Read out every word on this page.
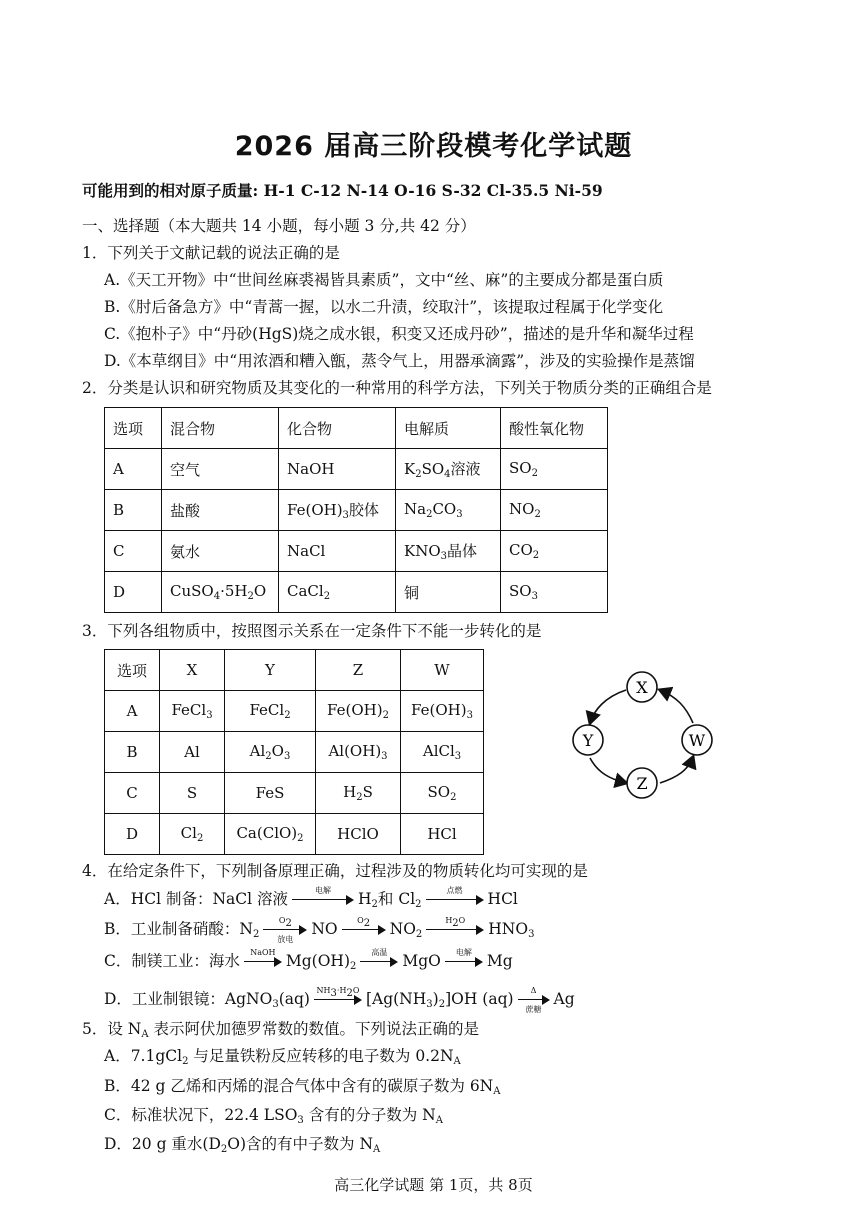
2026 届高三阶段模考化学试题
可能用到的相对原子质量: H-1 C-12 N-14 O-16 S-32 Cl-35.5 Ni-59
一、选择题（本大题共 14 小题，每小题 3 分,共 42 分）
1．下列关于文献记载的说法正确的是
A.《天工开物》中“世间丝麻裘褐皆具素质”，文中“丝、麻”的主要成分都是蛋白质
B.《肘后备急方》中“青蒿一握，以水二升渍，绞取汁”，该提取过程属于化学变化
C.《抱朴子》中“丹砂(HgS)烧之成水银，积变又还成丹砂”，描述的是升华和凝华过程
D.《本草纲目》中“用浓酒和糟入甑，蒸令气上，用器承滴露”，涉及的实验操作是蒸馏
2．分类是认识和研究物质及其变化的一种常用的科学方法，下列关于物质分类的正确组合是
选项	混合物	化合物	电解质	酸性氧化物
A	空气	NaOH	$K_2SO_4$溶液	$SO_2$
B	盐酸	$Fe(OH)_3$胶体	$Na_2CO_3$	$NO_2$
C	氨水	NaCl	$KNO_3$晶体	$CO_2$
D	$CuSO_4\cdot 5H_2O$	CaCl$_2$	铜	$SO_3$
3．下列各组物质中，按照图示关系在一定条件下不能一步转化的是
选项	X	Y	Z	W
A	FeCl$_3$	FeCl$_2$	$Fe(OH)_2$	$Fe(OH)_3$
B	Al	$Al_2O_3$	$Al(OH)_3$	AlCl$_3$
C	S	FeS	$H_2S$	$SO_2$
D	$Cl_2$	$Ca(ClO)_2$	HClO	HCl
X
Y
Z
W
4．在给定条件下，下列制备原理正确，过程涉及的物质转化均可实现的是
A．HCl 制备：NaCl 溶液	电解	$H_2$和 $Cl_2$
点燃	HCl
B．工业制备硝酸：$N_2$
$O_2$
放电
NO	$O_2$	$NO_2$
$H_2O$	$HNO_3$
C．制镁工业：海水	NaOH $Mg(OH)_2$
高温 MgO	电解 Mg
D．工业制银镜：AgNO$_3$(aq) $NH_3\cdot H_2O$ $[Ag(NH_3)_2]OH$ (aq)	Δ
蔗糖
Ag
5．设 $N_A$ 表示阿伏加德罗常数的数值。下列说法正确的是
A．7.1gCl$_2$ 与足量铁粉反应转移的电子数为 $0.2N_A$
B．42 g 乙烯和丙烯的混合气体中含有的碳原子数为 $6N_A$
C．标准状况下，22.4 $LSO_3$ 含有的分子数为 $N_A$
D．20 g 重水$(D_2O)$含的有中子数为 $N_A$
高三化学试题 第 1页，共 8页
